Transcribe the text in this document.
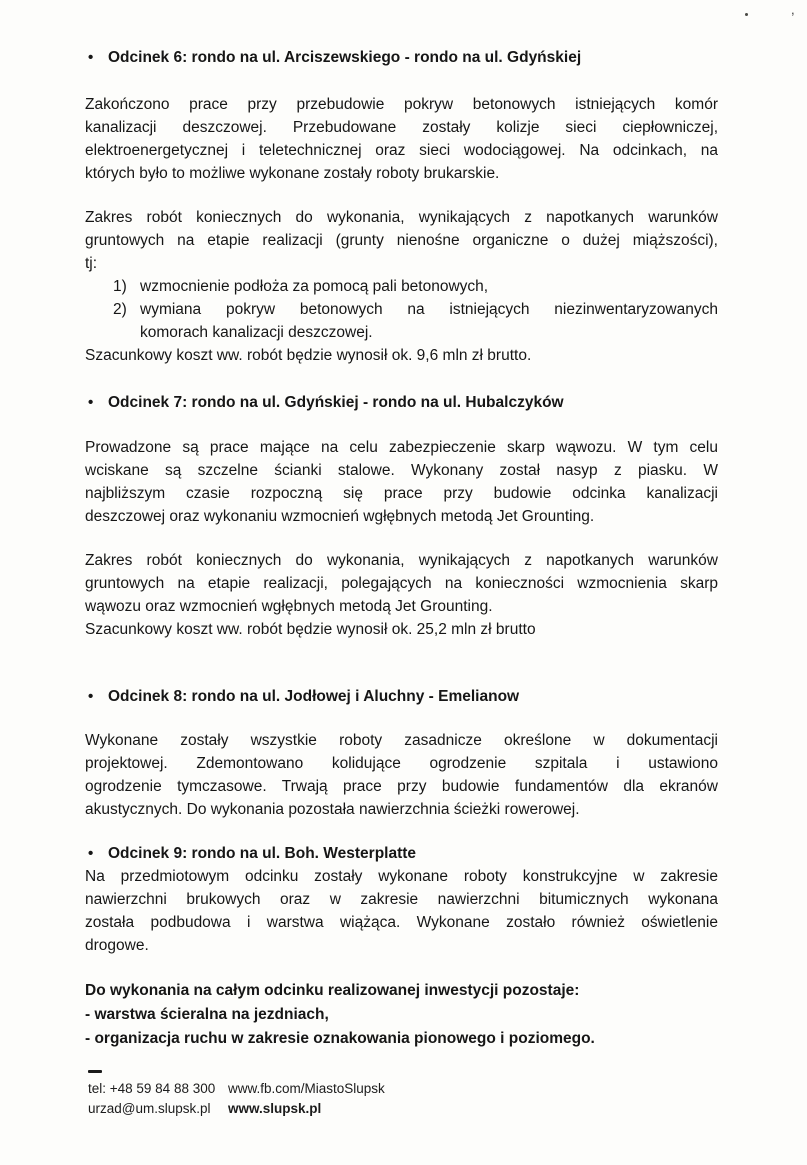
• Odcinek 6: rondo na ul. Arciszewskiego - rondo na ul. Gdyńskiej
Zakończono prace przy przebudowie pokryw betonowych istniejących komór
kanalizacji deszczowej. Przebudowane zostały kolizje sieci ciepłowniczej,
elektroenergetycznej i teletechnicznej oraz sieci wodociągowej. Na odcinkach, na
których było to możliwe wykonane zostały roboty brukarskie.
Zakres robót koniecznych do wykonania, wynikających z napotkanych warunków
gruntowych na etapie realizacji (grunty nienośne organiczne o dużej miąższości),
tj:
1) wzmocnienie podłoża za pomocą pali betonowych,
2) wymiana pokryw betonowych na istniejących niezinwentaryzowanych
komorach kanalizacji deszczowej.
Szacunkowy koszt ww. robót będzie wynosił ok. 9,6 mln zł brutto.
• Odcinek 7: rondo na ul. Gdyńskiej - rondo na ul. Hubalczyków
Prowadzone są prace mające na celu zabezpieczenie skarp wąwozu. W tym celu
wciskane są szczelne ścianki stalowe. Wykonany został nasyp z piasku. W
najbliższym czasie rozpoczną się prace przy budowie odcinka kanalizacji
deszczowej oraz wykonaniu wzmocnień wgłębnych metodą Jet Grounting.
Zakres robót koniecznych do wykonania, wynikających z napotkanych warunków
gruntowych na etapie realizacji, polegających na konieczności wzmocnienia skarp
wąwozu oraz wzmocnień wgłębnych metodą Jet Grounting.
Szacunkowy koszt ww. robót będzie wynosił ok. 25,2 mln zł brutto
• Odcinek 8: rondo na ul. Jodłowej i Aluchny - Emelianow
Wykonane zostały wszystkie roboty zasadnicze określone w dokumentacji
projektowej. Zdemontowano kolidujące ogrodzenie szpitala i ustawiono
ogrodzenie tymczasowe. Trwają prace przy budowie fundamentów dla ekranów
akustycznych. Do wykonania pozostała nawierzchnia ścieżki rowerowej.
• Odcinek 9: rondo na ul. Boh. Westerplatte
Na przedmiotowym odcinku zostały wykonane roboty konstrukcyjne w zakresie
nawierzchni brukowych oraz w zakresie nawierzchni bitumicznych wykonana
została podbudowa i warstwa wiążąca. Wykonane zostało również oświetlenie
drogowe.
Do wykonania na całym odcinku realizowanej inwestycji pozostaje:
- warstwa ścieralna na jezdniach,
- organizacja ruchu w zakresie oznakowania pionowego i poziomego.
tel: +48 59 84 88 300 www.fb.com/MiastoSlupsk
urzad@um.slupsk.pl	www.slupsk.pl
,
